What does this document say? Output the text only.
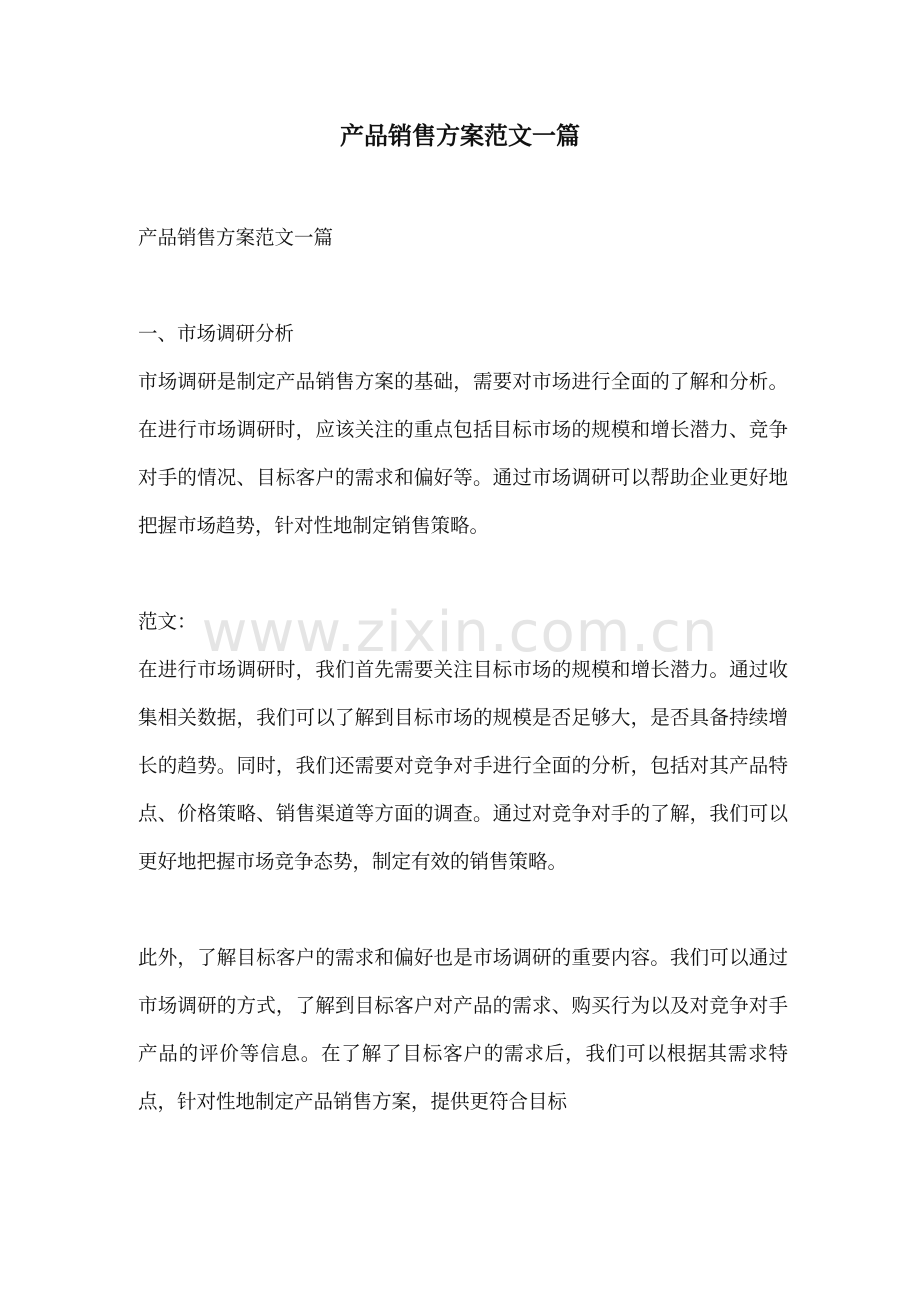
产品销售方案范文一篇

产品销售方案范文一篇

一、市场调研分析

市场调研是制定产品销售方案的基础，需要对市场进行全面的了解和分析。在进行市场调研时，应该关注的重点包括目标市场的规模和增长潜力、竞争对手的情况、目标客户的需求和偏好等。通过市场调研可以帮助企业更好地把握市场趋势，针对性地制定销售策略。

范文：

在进行市场调研时，我们首先需要关注目标市场的规模和增长潜力。通过收集相关数据，我们可以了解到目标市场的规模是否足够大，是否具备持续增长的趋势。同时，我们还需要对竞争对手进行全面的分析，包括对其产品特点、价格策略、销售渠道等方面的调查。通过对竞争对手的了解，我们可以更好地把握市场竞争态势，制定有效的销售策略。

此外，了解目标客户的需求和偏好也是市场调研的重要内容。我们可以通过市场调研的方式，了解到目标客户对产品的需求、购买行为以及对竞争对手产品的评价等信息。在了解了目标客户的需求后，我们可以根据其需求特点，针对性地制定产品销售方案，提供更符合目标

www.zixin.com.cn
